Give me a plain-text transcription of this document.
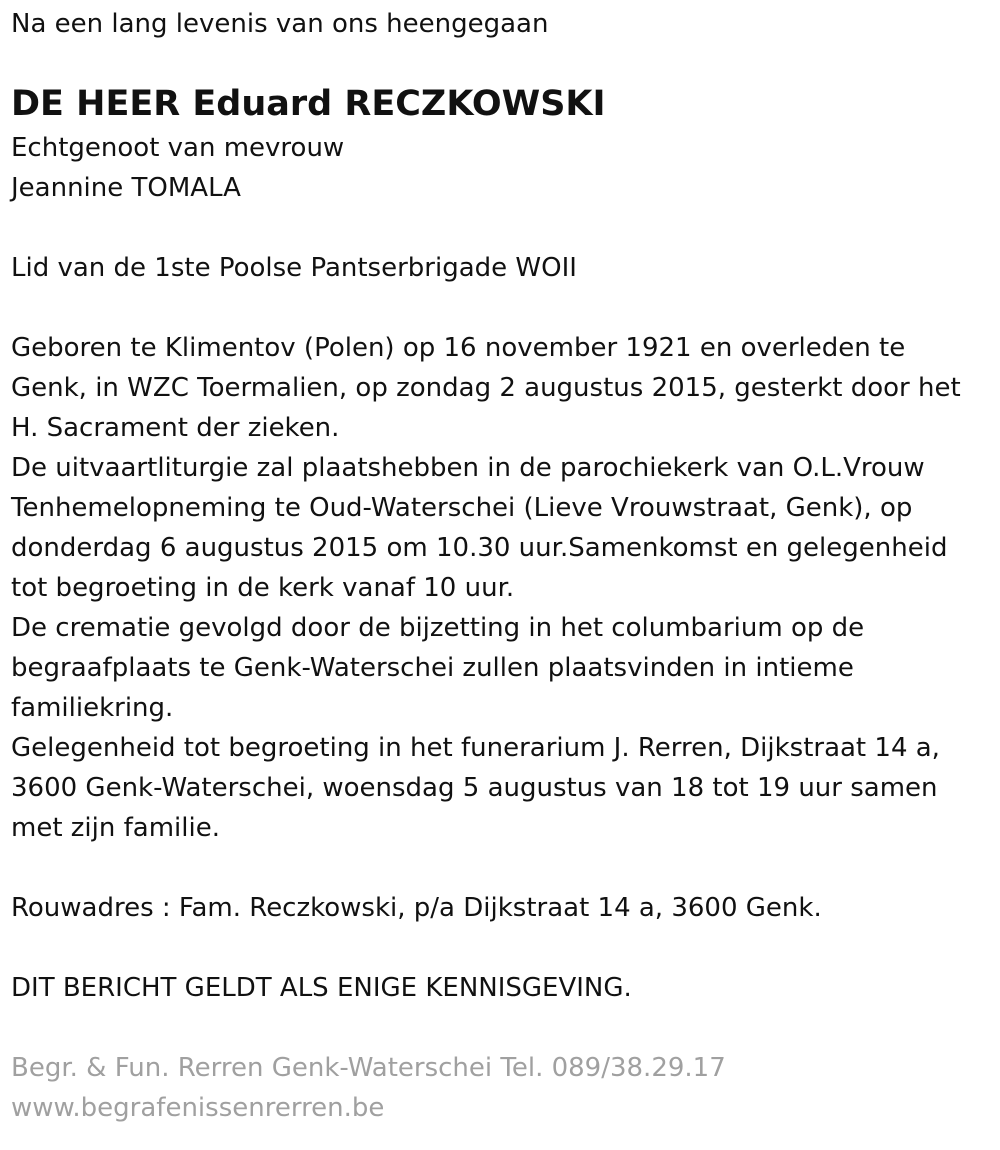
Na een lang levenis van ons heengegaan
DE HEER Eduard RECZKOWSKI
Echtgenoot van mevrouw
Jeannine TOMALA
Lid van de 1ste Poolse Pantserbrigade WOII
Geboren te Klimentov (Polen) op 16 november 1921 en overleden te
Genk, in WZC Toermalien, op zondag 2 augustus 2015, gesterkt door het
H. Sacrament der zieken.
De uitvaartliturgie zal plaatshebben in de parochiekerk van O.L.Vrouw
Tenhemelopneming te Oud-Waterschei (Lieve Vrouwstraat, Genk), op
donderdag 6 augustus 2015 om 10.30 uur.Samenkomst en gelegenheid
tot begroeting in de kerk vanaf 10 uur.
De crematie gevolgd door de bijzetting in het columbarium op de
begraafplaats te Genk-Waterschei zullen plaatsvinden in intieme
familiekring.
Gelegenheid tot begroeting in het funerarium J. Rerren, Dijkstraat 14 a,
3600 Genk-Waterschei, woensdag 5 augustus van 18 tot 19 uur samen
met zijn familie.
Rouwadres : Fam. Reczkowski, p/a Dijkstraat 14 a, 3600 Genk.
DIT BERICHT GELDT ALS ENIGE KENNISGEVING.
Begr. & Fun. Rerren Genk-Waterschei Tel. 089/38.29.17
www.begrafenissenrerren.be
